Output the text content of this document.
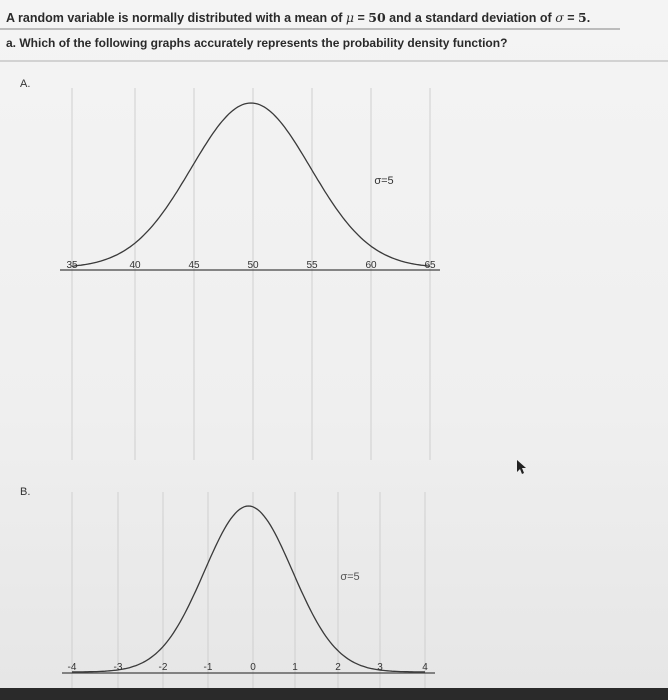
A random variable is normally distributed with a mean of μ = 50 and a standard deviation of σ = 5.
a. Which of the following graphs accurately represents the probability density function?
A.
35	40	45	50	55	60	65
σ=5
B.
-4	-3	-2	-1	0	1	2	3	4
σ=5
